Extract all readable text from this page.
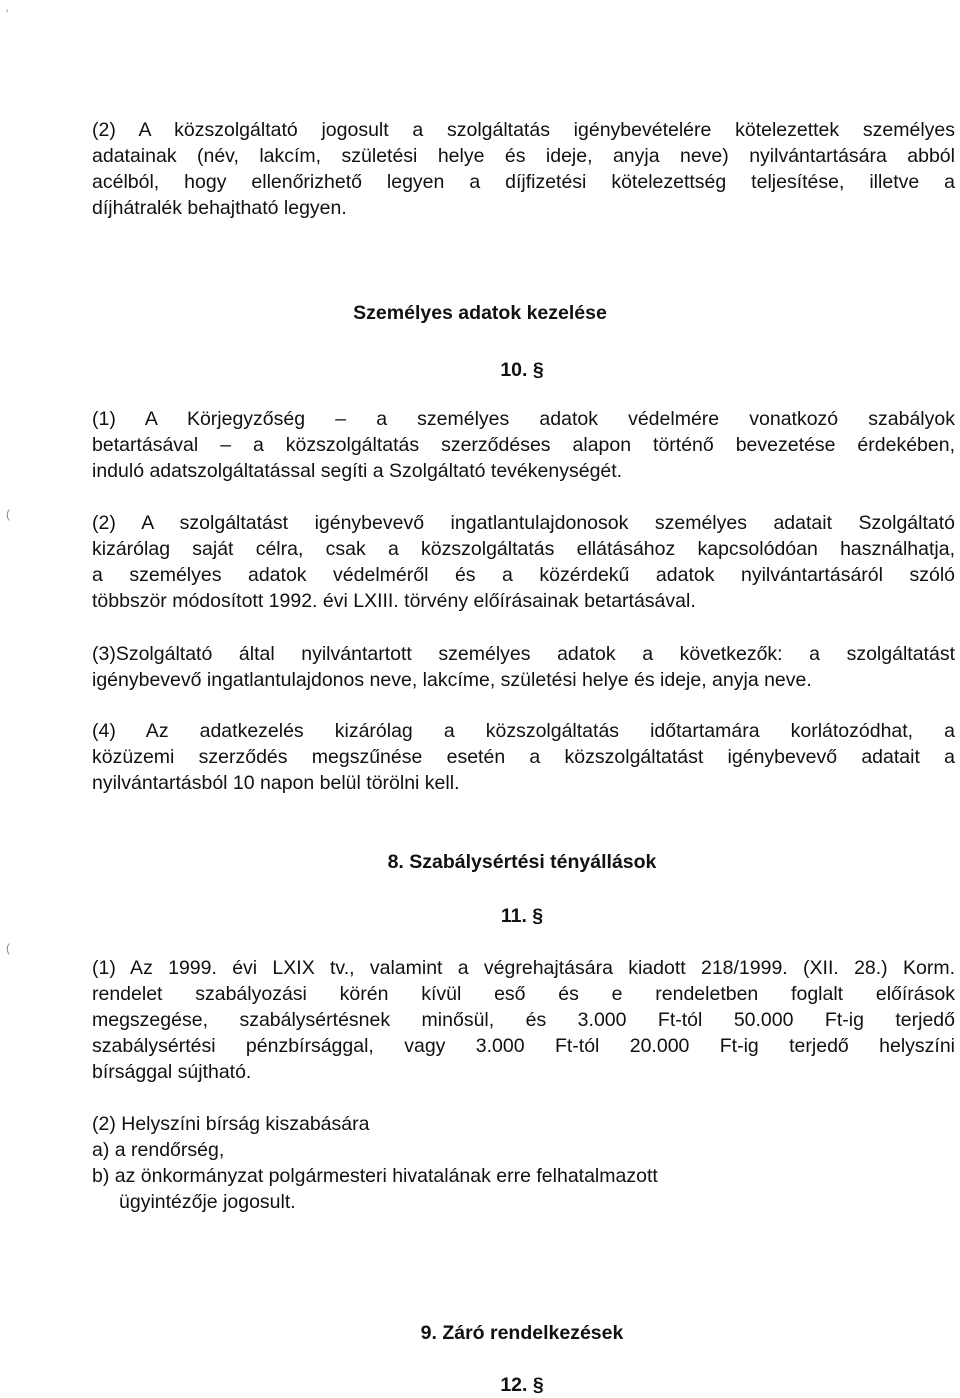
'
(
(
(2) A közszolgáltató jogosult a szolgáltatás igénybevételére kötelezettek személyes
adatainak (név, lakcím, születési helye és ideje, anyja neve) nyilvántartására abból
acélból, hogy ellenőrizhető legyen a díjfizetési kötelezettség teljesítése, illetve a
díjhátralék behajtható legyen.
Személyes adatok kezelése
10. §
(1) A Körjegyzőség – a személyes adatok védelmére vonatkozó szabályok
betartásával – a közszolgáltatás szerződéses alapon történő bevezetése érdekében,
induló adatszolgáltatással segíti a Szolgáltató tevékenységét.
(2) A szolgáltatást igénybevevő ingatlantulajdonosok személyes adatait Szolgáltató
kizárólag saját célra, csak a közszolgáltatás ellátásához kapcsolódóan használhatja,
a személyes adatok védelméről és a közérdekű adatok nyilvántartásáról szóló
többször módosított 1992. évi LXIII. törvény előírásainak betartásával.
(3)Szolgáltató által nyilvántartott személyes adatok a következők: a szolgáltatást
igénybevevő ingatlantulajdonos neve, lakcíme, születési helye és ideje, anyja neve.
(4) Az adatkezelés kizárólag a közszolgáltatás időtartamára korlátozódhat, a
közüzemi szerződés megszűnése esetén a közszolgáltatást igénybevevő adatait a
nyilvántartásból 10 napon belül törölni kell.
8. Szabálysértési tényállások
11. §
(1) Az 1999. évi LXIX tv., valamint a végrehajtására kiadott 218/1999. (XII. 28.) Korm.
rendelet szabályozási körén kívül eső és e rendeletben foglalt előírások
megszegése, szabálysértésnek minősül, és 3.000 Ft-tól 50.000 Ft-ig terjedő
szabálysértési pénzbírsággal, vagy 3.000 Ft-tól 20.000 Ft-ig terjedő helyszíni
bírsággal sújtható.
(2) Helyszíni bírság kiszabására
a) a rendőrség,
b) az önkormányzat polgármesteri hivatalának erre felhatalmazott
ügyintézője jogosult.
9. Záró rendelkezések
12. §
